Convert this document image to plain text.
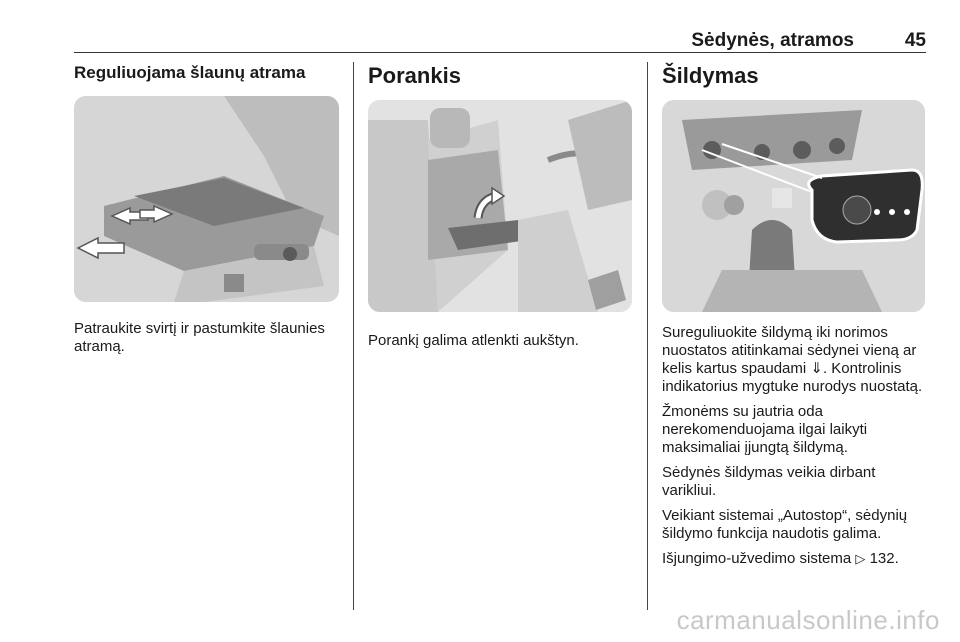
Sėdynės, atramos	45
Reguliuojama šlaunų atrama

Patraukite svirtį ir pastumkite šlaunies atramą.

Porankis

Porankį galima atlenkti aukštyn.

Šildymas

Sureguliuokite šildymą iki norimos nuostatos atitinkamai sėdynei vieną ar kelis kartus spaudami ⇓. Kontrolinis indikatorius mygtuke nurodys nuostatą.

Žmonėms su jautria oda nerekomenduojama ilgai laikyti maksimaliai įjungtą šildymą.

Sėdynės šildymas veikia dirbant varikliui.

Veikiant sistemai „Autostop“, sėdynių šildymo funkcija naudotis galima.

Išjungimo-užvedimo sistema ▷ 132.

carmanualsonline.info
